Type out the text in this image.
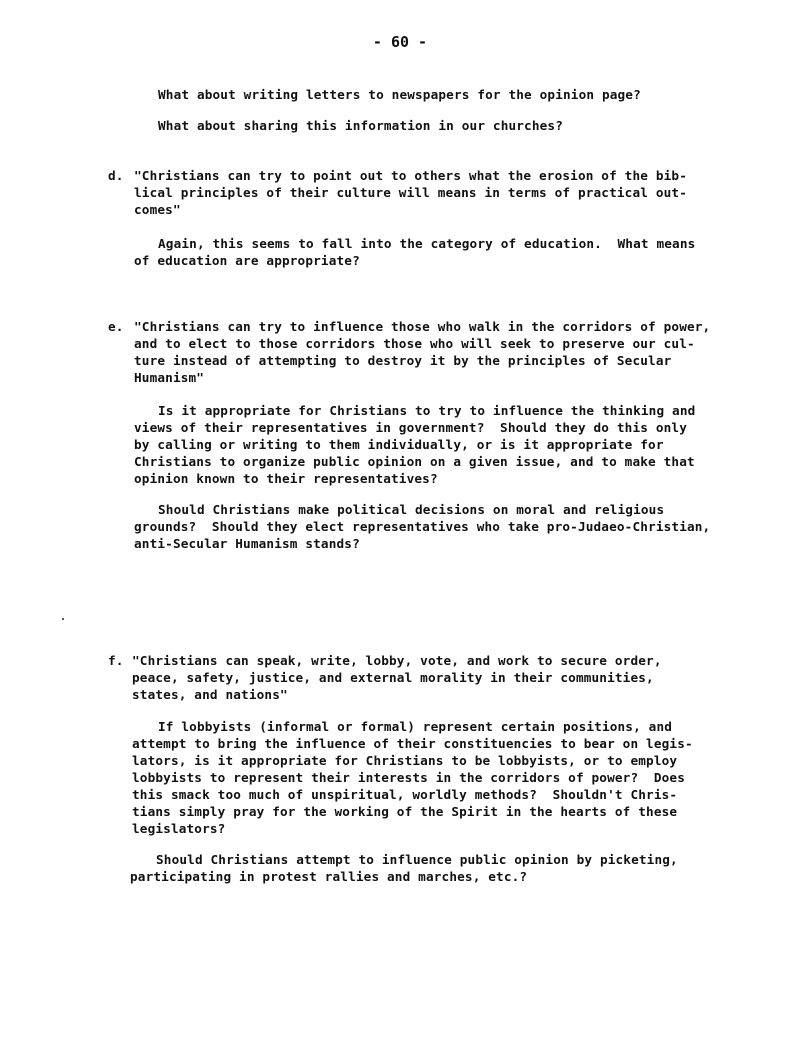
- 60 -
What about writing letters to newspapers for the opinion page?
What about sharing this information in our churches?
d. "Christians can try to point out to others what the erosion of the bib-
lical principles of their culture will means in terms of practical out-
comes"
Again, this seems to fall into the category of education.  What means
of education are appropriate?
e. "Christians can try to influence those who walk in the corridors of power,
and to elect to those corridors those who will seek to preserve our cul-
ture instead of attempting to destroy it by the principles of Secular
Humanism"
Is it appropriate for Christians to try to influence the thinking and
views of their representatives in government?  Should they do this only
by calling or writing to them individually, or is it appropriate for
Christians to organize public opinion on a given issue, and to make that
opinion known to their representatives?
Should Christians make political decisions on moral and religious
grounds?  Should they elect representatives who take pro-Judaeo-Christian,
anti-Secular Humanism stands?
f. "Christians can speak, write, lobby, vote, and work to secure order,
peace, safety, justice, and external morality in their communities,
states, and nations"
If lobbyists (informal or formal) represent certain positions, and
attempt to bring the influence of their constituencies to bear on legis-
lators, is it appropriate for Christians to be lobbyists, or to employ
lobbyists to represent their interests in the corridors of power?  Does
this smack too much of unspiritual, worldly methods?  Shouldn't Chris-
tians simply pray for the working of the Spirit in the hearts of these
legislators?
Should Christians attempt to influence public opinion by picketing,
participating in protest rallies and marches, etc.?
